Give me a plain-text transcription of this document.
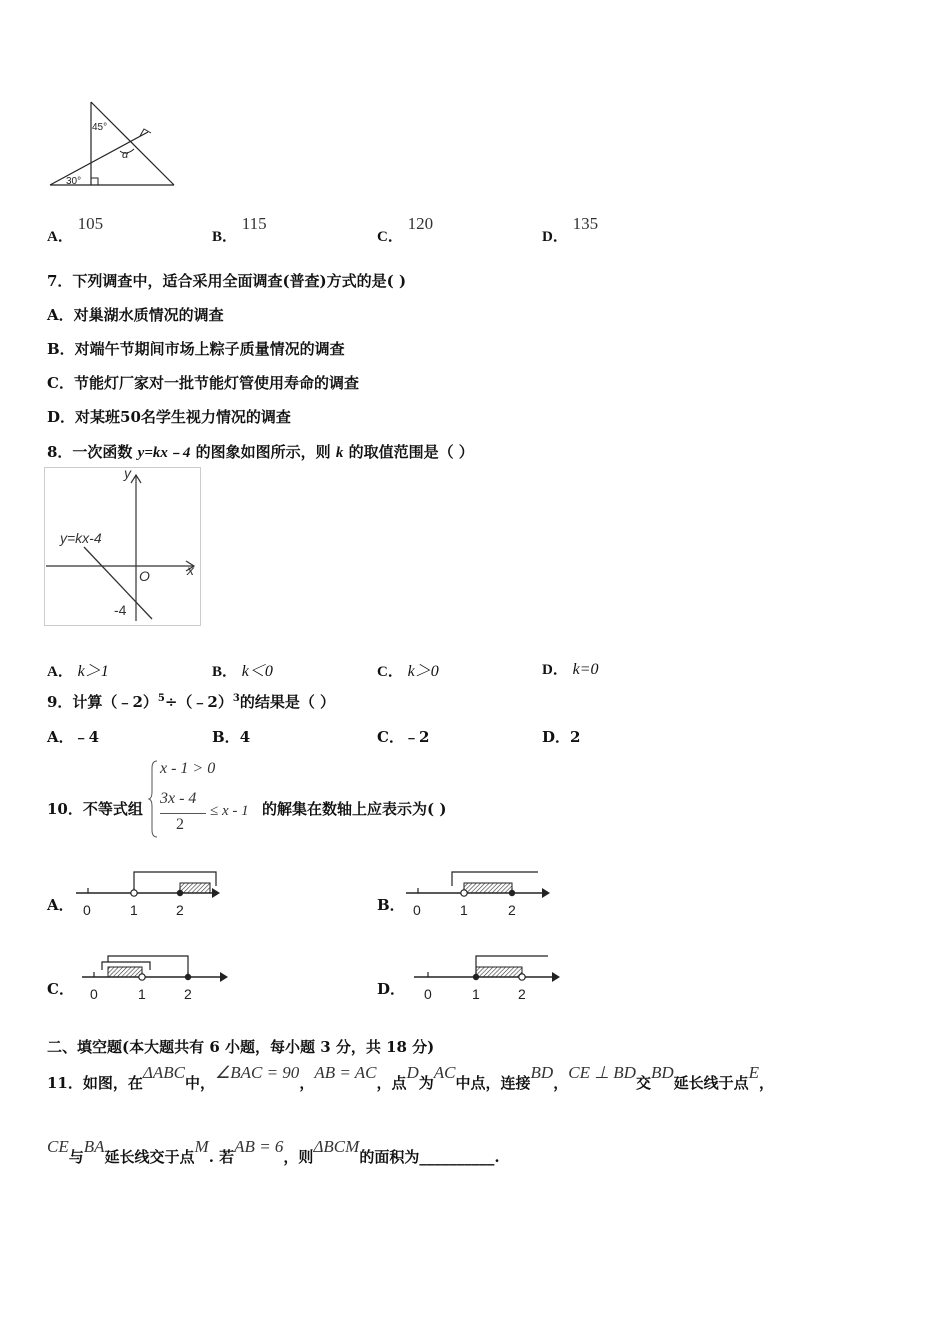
45°
α
30°
A． 105
B． 115
C． 120
D． 135
7．下列调查中，适合采用全面调查(普查)方式的是( )
A．对巢湖水质情况的调查
B．对端午节期间市场上粽子质量情况的调查
C．节能灯厂家对一批节能灯管使用寿命的调查
D．对某班50名学生视力情况的调查
8．一次函数 y=kx﹣4 的图象如图所示，则 k 的取值范围是（ ）
y=kx-4
y
x
O
-4
A． k＞1	B． k＜0	C． k＞0	D． k=0
9．计算（﹣2）$^5$÷（﹣2）$^3$的结果是（ ）
A．﹣4	B．4	C．﹣2	D．2
10．不等式组
x - 1 > 0
3x - 4
2
≤ x - 1 的解集在数轴上应表示为( )
A． 0	1	2	B． 0	1	2
C． 0	1	2	D． 0	1	2
二、填空题(本大题共有 6 小题，每小题 3 分，共 18 分)
11．如图，在ΔABC中，∠BAC = 90，AB = AC，点D为AC中点，连接BD，CE ⊥ BD交BD延长线于点E，
CE与BA延长线交于点M. 若AB = 6，则ΔBCM的面积为__________.
